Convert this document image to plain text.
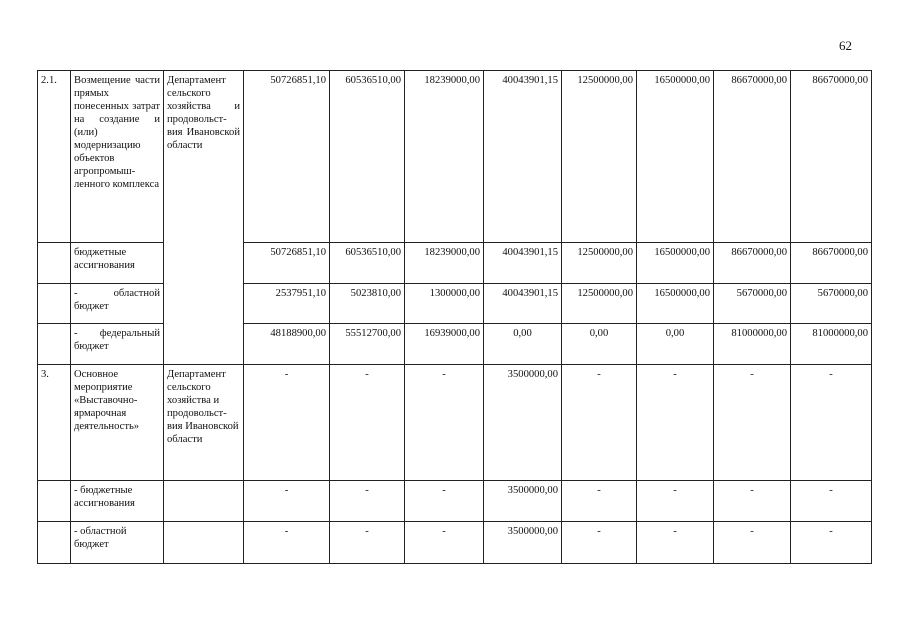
62
2.1.	Возмещение части прямых понесенных затрат на создание и (или) модернизацию объектов агропромыш-ленного комплекса	Департамент сельского хозяйства и продовольст-вия Ивановской области	50726851,10	60536510,00	18239000,00	40043901,15	12500000,00	16500000,00	86670000,00	86670000,00
	бюджетные ассигнования		50726851,10	60536510,00	18239000,00	40043901,15	12500000,00	16500000,00	86670000,00	86670000,00
	- областной бюджет		2537951,10	5023810,00	1300000,00	40043901,15	12500000,00	16500000,00	5670000,00	5670000,00
	- федеральный бюджет		48188900,00	55512700,00	16939000,00	0,00	0,00	0,00	81000000,00	81000000,00
3.	Основное мероприятие «Выставочно-ярмарочная деятельность»	Департамент сельского хозяйства и продовольст-вия Ивановской области	-	-	-	3500000,00	-	-	-	-
	- бюджетные ассигнования		-	-	-	3500000,00	-	-	-	-
	- областной бюджет		-	-	-	3500000,00	-	-	-	-
